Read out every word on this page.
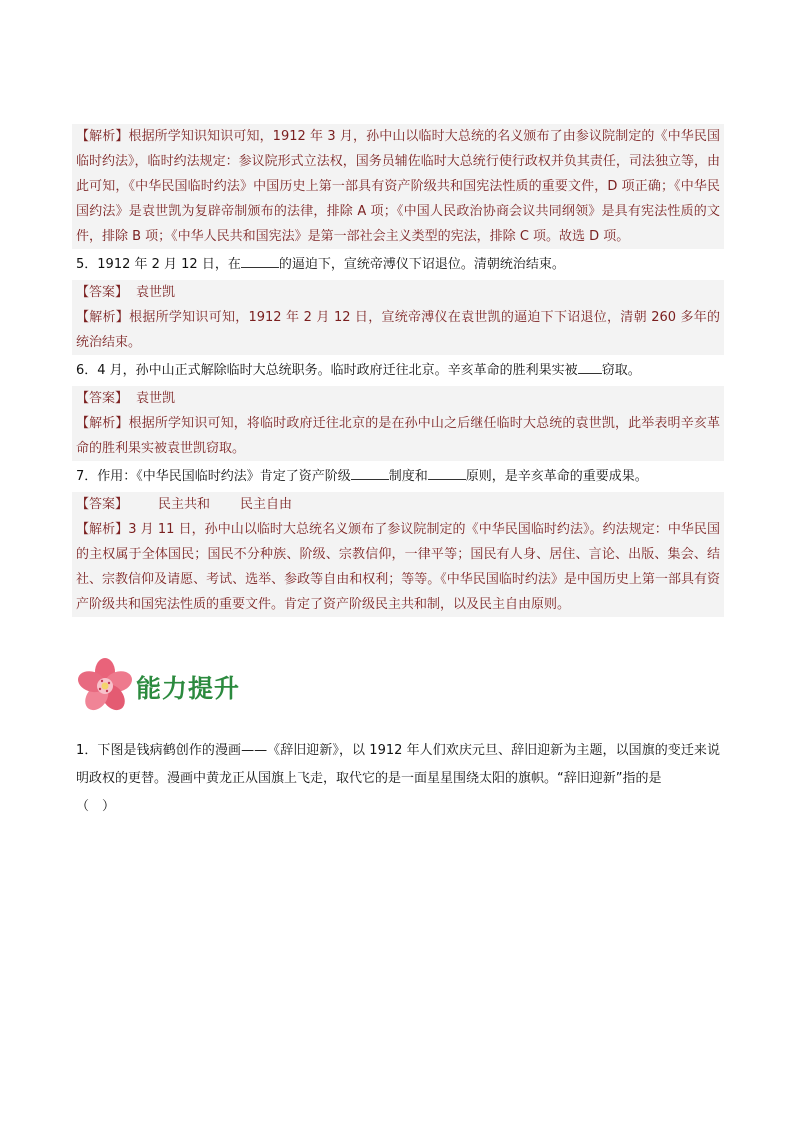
【解析】根据所学知识知识可知，1912 年 3 月，孙中山以临时大总统的名义颁布了由参议院制定的《中华民国临时约法》，临时约法规定：参议院形式立法权，国务员辅佐临时大总统行使行政权并负其责任，司法独立等，由此可知，《中华民国临时约法》中国历史上第一部具有资产阶级共和国宪法性质的重要文件，D 项正确；《中华民国约法》是袁世凯为复辟帝制颁布的法律，排除 A 项；《中国人民政治协商会议共同纲领》是具有宪法性质的文件，排除 B 项；《中华人民共和国宪法》是第一部社会主义类型的宪法，排除 C 项。故选 D 项。
5．1912 年 2 月 12 日，在	的逼迫下，宣统帝溥仪下诏退位。清朝统治结束。
【答案】 袁世凯
【解析】根据所学知识可知，1912 年 2 月 12 日，宣统帝溥仪在袁世凯的逼迫下下诏退位，清朝 260 多年的统治结束。
6．4 月，孙中山正式解除临时大总统职务。临时政府迁往北京。辛亥革命的胜利果实被 窃取。
【答案】 袁世凯
【解析】根据所学知识可知，将临时政府迁往北京的是在孙中山之后继任临时大总统的袁世凯，此举表明辛亥革命的胜利果实被袁世凯窃取。
7．作用：《中华民国临时约法》肯定了资产阶级	制度和	原则，是辛亥革命的重要成果。
【答案】 民主共和 民主自由
【解析】3 月 11 日，孙中山以临时大总统名义颁布了参议院制定的《中华民国临时约法》。约法规定：中华民国的主权属于全体国民；国民不分种族、阶级、宗教信仰，一律平等；国民有人身、居住、言论、出版、集会、结社、宗教信仰及请愿、考试、选举、参政等自由和权利；等等。《中华民国临时约法》是中国历史上第一部具有资产阶级共和国宪法性质的重要文件。肯定了资产阶级民主共和制，以及民主自由原则。
能力提升
1．下图是钱病鹤创作的漫画——《辞旧迎新》，以 1912 年人们欢庆元旦、辞旧迎新为主题，以国旗的变迁来说明政权的更替。漫画中黄龙正从国旗上飞走，取代它的是一面星星围绕太阳的旗帜。“辞旧迎新”指的是
（　）
